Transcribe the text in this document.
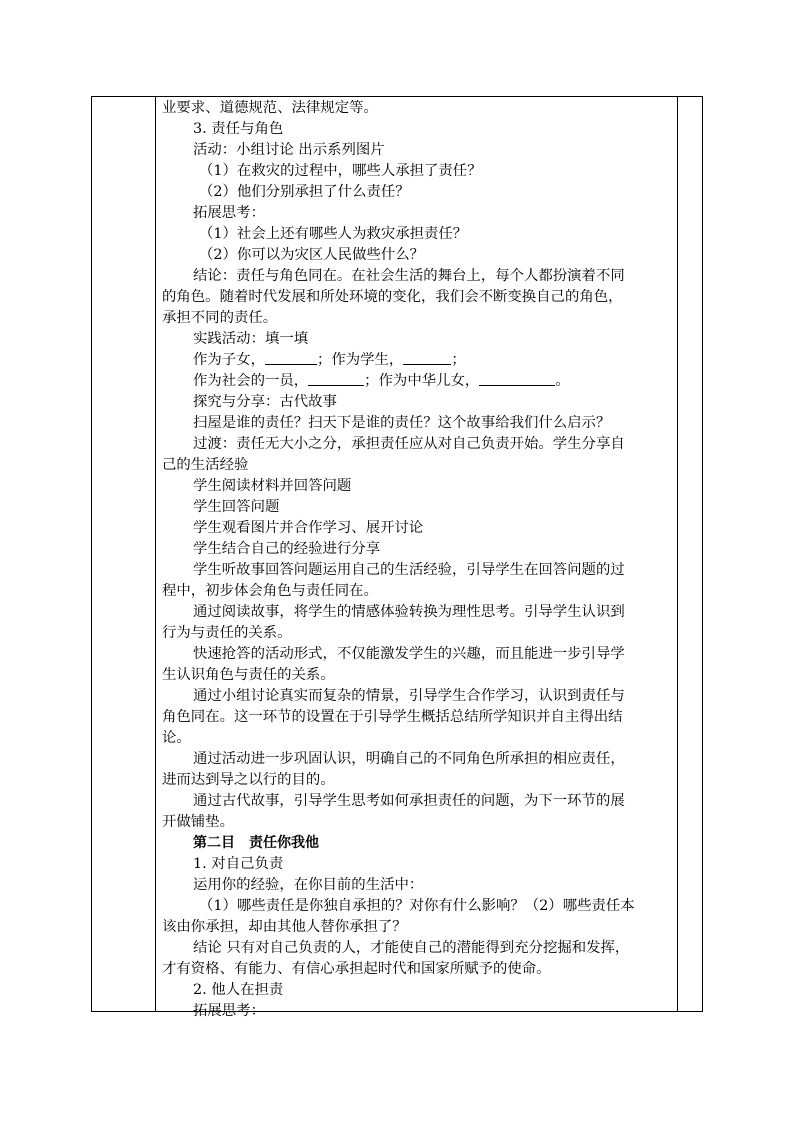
业要求、道德规范、法律规定等。
3. 责任与角色
活动：小组讨论 出示系列图片
（1）在救灾的过程中，哪些人承担了责任？
（2）他们分别承担了什么责任？
拓展思考：
（1）社会上还有哪些人为救灾承担责任？
（2）你可以为灾区人民做些什么？
结论：责任与角色同在。在社会生活的舞台上，每个人都扮演着不同
的角色。随着时代发展和所处环境的变化，我们会不断变换自己的角色，
承担不同的责任。
实践活动：填一填
作为子女，	；作为学生，	；
作为社会的一员，	；作为中华儿女，	。
探究与分享：古代故事
扫屋是谁的责任？扫天下是谁的责任？这个故事给我们什么启示？
过渡：责任无大小之分，承担责任应从对自己负责开始。学生分享自
己的生活经验
学生阅读材料并回答问题
学生回答问题
学生观看图片并合作学习、展开讨论
学生结合自己的经验进行分享
学生听故事回答问题运用自己的生活经验，引导学生在回答问题的过
程中，初步体会角色与责任同在。
通过阅读故事，将学生的情感体验转换为理性思考。引导学生认识到
行为与责任的关系。
快速抢答的活动形式，不仅能激发学生的兴趣，而且能进一步引导学
生认识角色与责任的关系。
通过小组讨论真实而复杂的情景，引导学生合作学习，认识到责任与
角色同在。这一环节的设置在于引导学生概括总结所学知识并自主得出结
论。
通过活动进一步巩固认识，明确自己的不同角色所承担的相应责任，
进而达到导之以行的目的。
通过古代故事，引导学生思考如何承担责任的问题，为下一环节的展
开做铺垫。
第二目　责任你我他
1. 对自己负责
运用你的经验，在你目前的生活中：
（1）哪些责任是你独自承担的？对你有什么影响？（2）哪些责任本
该由你承担，却由其他人替你承担了？
结论 只有对自己负责的人，才能使自己的潜能得到充分挖掘和发挥，
才有资格、有能力、有信心承担起时代和国家所赋予的使命。
2. 他人在担责
拓展思考：
